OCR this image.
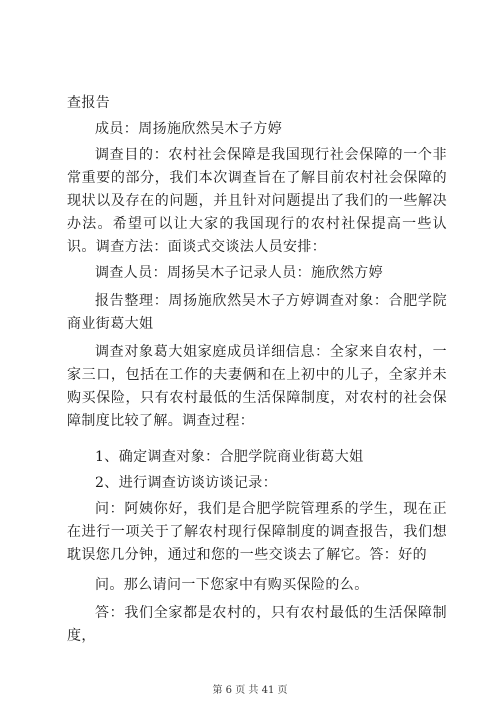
查报告

成员：周扬施欣然吴木子方婷

调查目的：农村社会保障是我国现行社会保障的一个非常重要的部分，我们本次调查旨在了解目前农村社会保障的现状以及存在的问题，并且针对问题提出了我们的一些解决办法。希望可以让大家的我国现行的农村社保提高一些认识。调查方法：面谈式交谈法人员安排：

调查人员：周扬吴木子记录人员：施欣然方婷

报告整理：周扬施欣然吴木子方婷调查对象：合肥学院商业街葛大姐

调查对象葛大姐家庭成员详细信息：全家来自农村，一家三口，包括在工作的夫妻俩和在上初中的儿子，全家并未购买保险，只有农村最低的生活保障制度，对农村的社会保障制度比较了解。调查过程：

1、确定调查对象：合肥学院商业街葛大姐

2、进行调查访谈访谈记录：

问：阿姨你好，我们是合肥学院管理系的学生，现在正在进行一项关于了解农村现行保障制度的调查报告，我们想耽误您几分钟，通过和您的一些交谈去了解它。答：好的

问。那么请问一下您家中有购买保险的么。

答：我们全家都是农村的，只有农村最低的生活保障制度，

第 6 页 共 41 页
